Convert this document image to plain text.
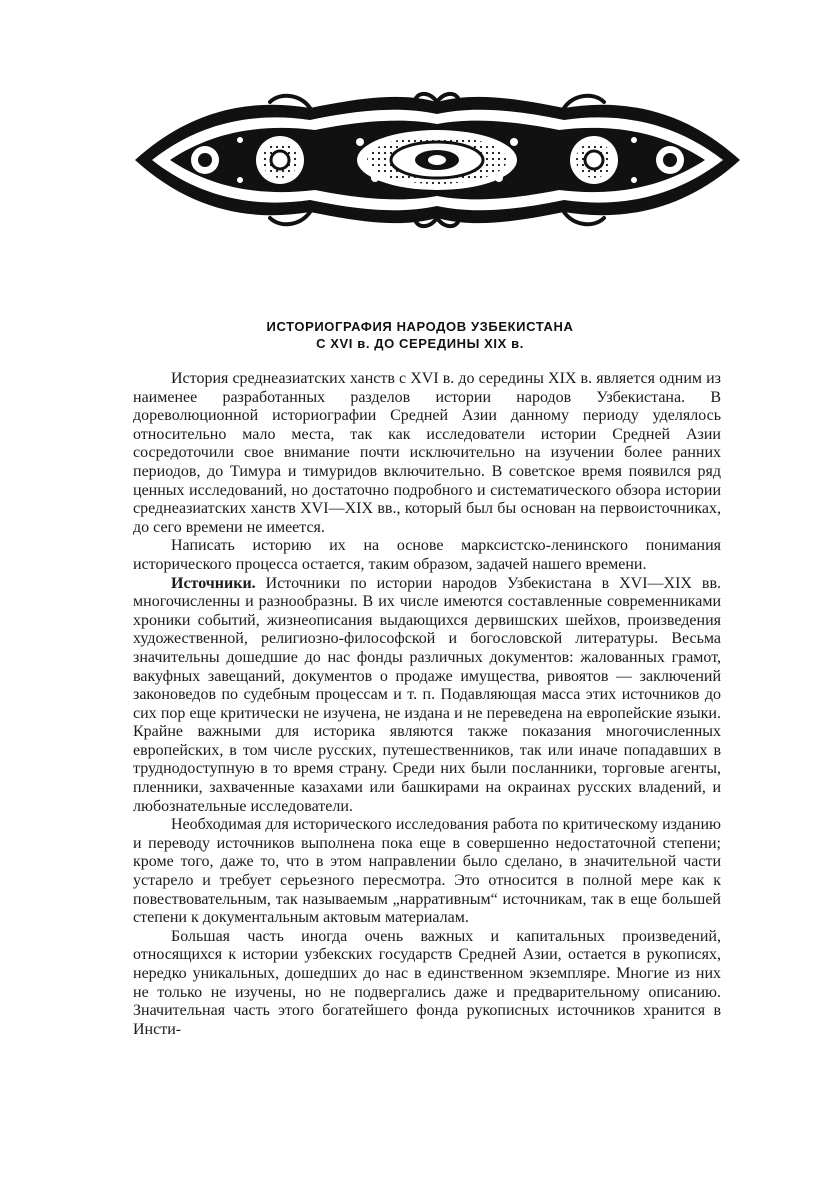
ИСТОРИОГРАФИЯ НАРОДОВ УЗБЕКИСТАНА
С XVI в. ДО СЕРЕДИНЫ XIX в.

История среднеазиатских ханств с XVI в. до середины XIX в. является одним из наименее разработанных разделов истории народов Узбекистана. В дореволюционной историографии Средней Азии данному периоду уделялось относительно мало места, так как исследователи истории Средней Азии сосредоточили свое внимание почти исключительно на изучении более ранних периодов, до Тимура и тимуридов включительно. В советское время появился ряд ценных исследований, но достаточно подробного и систематического обзора истории среднеазиатских ханств XVI—XIX вв., который был бы основан на первоисточниках, до сего времени не имеется.

Написать историю их на основе марксистско-ленинского понимания исторического процесса остается, таким образом, задачей нашего времени.

Источники. Источники по истории народов Узбекистана в XVI—XIX вв. многочисленны и разнообразны. В их числе имеются составленные современниками хроники событий, жизнеописания выдающихся дервишских шейхов, произведения художественной, религиозно-философской и богословской литературы. Весьма значительны дошедшие до нас фонды различных документов: жалованных грамот, вакуфных завещаний, документов о продаже имущества, ривоятов — заключений законоведов по судебным процессам и т. п. Подавляющая масса этих источников до сих пор еще критически не изучена, не издана и не переведена на европейские языки. Крайне важными для историка являются также показания многочисленных европейских, в том числе русских, путешественников, так или иначе попадавших в труднодоступную в то время страну. Среди них были посланники, торговые агенты, пленники, захваченные казахами или башкирами на окраинах русских владений, и любознательные исследователи.

Необходимая для исторического исследования работа по критическому изданию и переводу источников выполнена пока еще в совершенно недостаточной степени; кроме того, даже то, что в этом направлении было сделано, в значительной части устарело и требует серьезного пересмотра. Это относится в полной мере как к повествовательным, так называемым „нарративным“ источникам, так в еще большей степени к документальным актовым материалам.

Большая часть иногда очень важных и капитальных произведений, относящихся к истории узбекских государств Средней Азии, остается в рукописях, нередко уникальных, дошедших до нас в единственном экземпляре. Многие из них не только не изучены, но не подвергались даже и предварительному описанию. Значительная часть этого богатейшего фонда рукописных источников хранится в Инсти-
